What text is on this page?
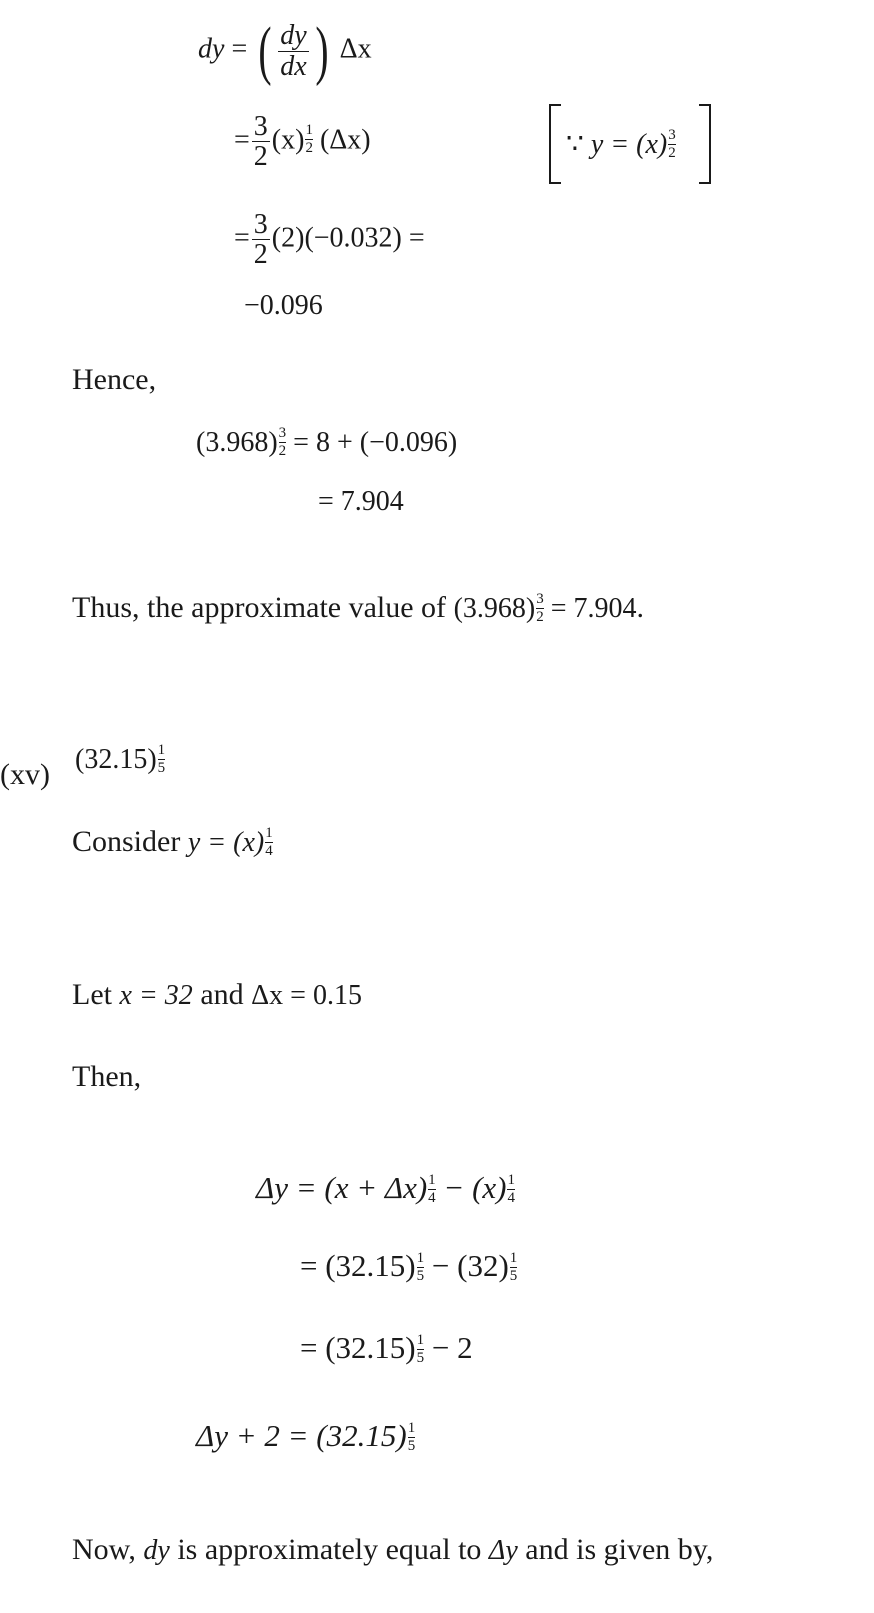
dy = ( $\frac{dy}{dx}$ ) Δx
= $\frac{3}{2} (x) \frac{1}{2} (\Delta x)$	∵ $y = (x) \frac{3}{2}$
= $\frac{3}{2} (2)(-0.032)$ =
−0.096
Hence,
$(3.968) \frac{3}{2} = 8 + (-0.096)$
= 7.904
Thus, the approximate value of $(3.968) \frac{3}{2} = 7.904$.
(xv) $(32.15) \frac{1}{5}$
Consider $y = (x) \frac{1}{4}$
Let x = 32 and Δx = 0.15
Then,
$\Delta y = (x + \Delta x) \frac{1}{4} - (x) \frac{1}{4}$
= $(32.15) \frac{1}{5} - (32) \frac{1}{5}$
= $(32.15) \frac{1}{5} - 2$
$\Delta y + 2 = (32.15) \frac{1}{5}$
Now, dy is approximately equal to Δy and is given by,
